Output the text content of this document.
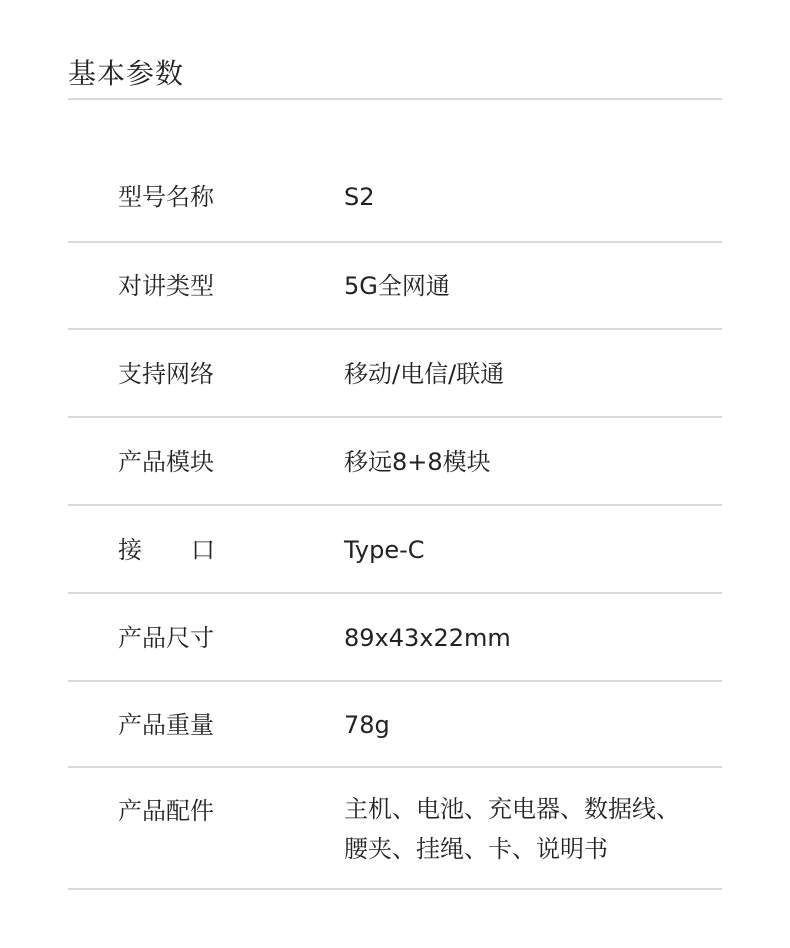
基本参数
型号名称	S2
对讲类型	5G全网通
支持网络	移动/电信/联通
产品模块	移远8+8模块
接 口	Type-C
产品尺寸	89x43x22mm
产品重量	78g
产品配件	主机、电池、充电器、数据线、
腰夹、挂绳、卡、说明书
